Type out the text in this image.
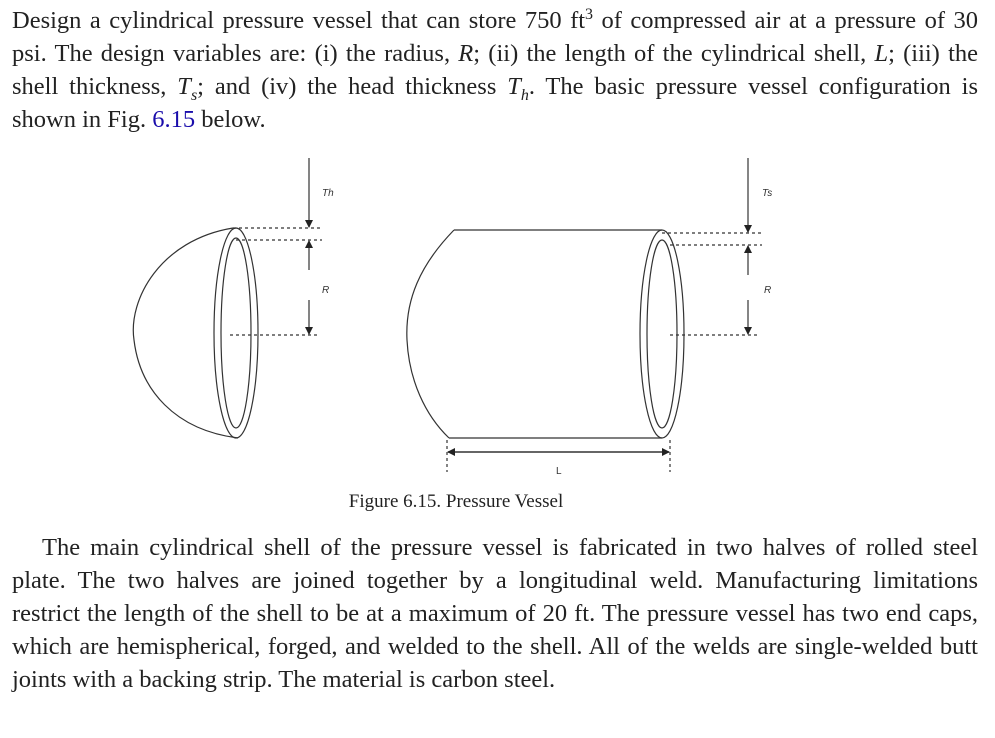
Design a cylindrical pressure vessel that can store 750 $ft^3$ of compressed air at a pressure of 30 psi. The design variables are: (i) the radius, R; (ii) the length of the cylindrical shell, L; (iii) the shell thickness, $T_s$; and (iv) the head thickness $T_h$. The basic pressure vessel configuration is shown in Fig. 6.15 below.

Th
R
Ts
R
L
Figure 6.15. Pressure Vessel

The main cylindrical shell of the pressure vessel is fabricated in two halves of rolled steel plate. The two halves are joined together by a longitudinal weld. Manufacturing limitations restrict the length of the shell to be at a maximum of 20 ft. The pressure vessel has two end caps, which are hemispherical, forged, and welded to the shell. All of the welds are single-welded butt joints with a backing strip. The material is carbon steel.
